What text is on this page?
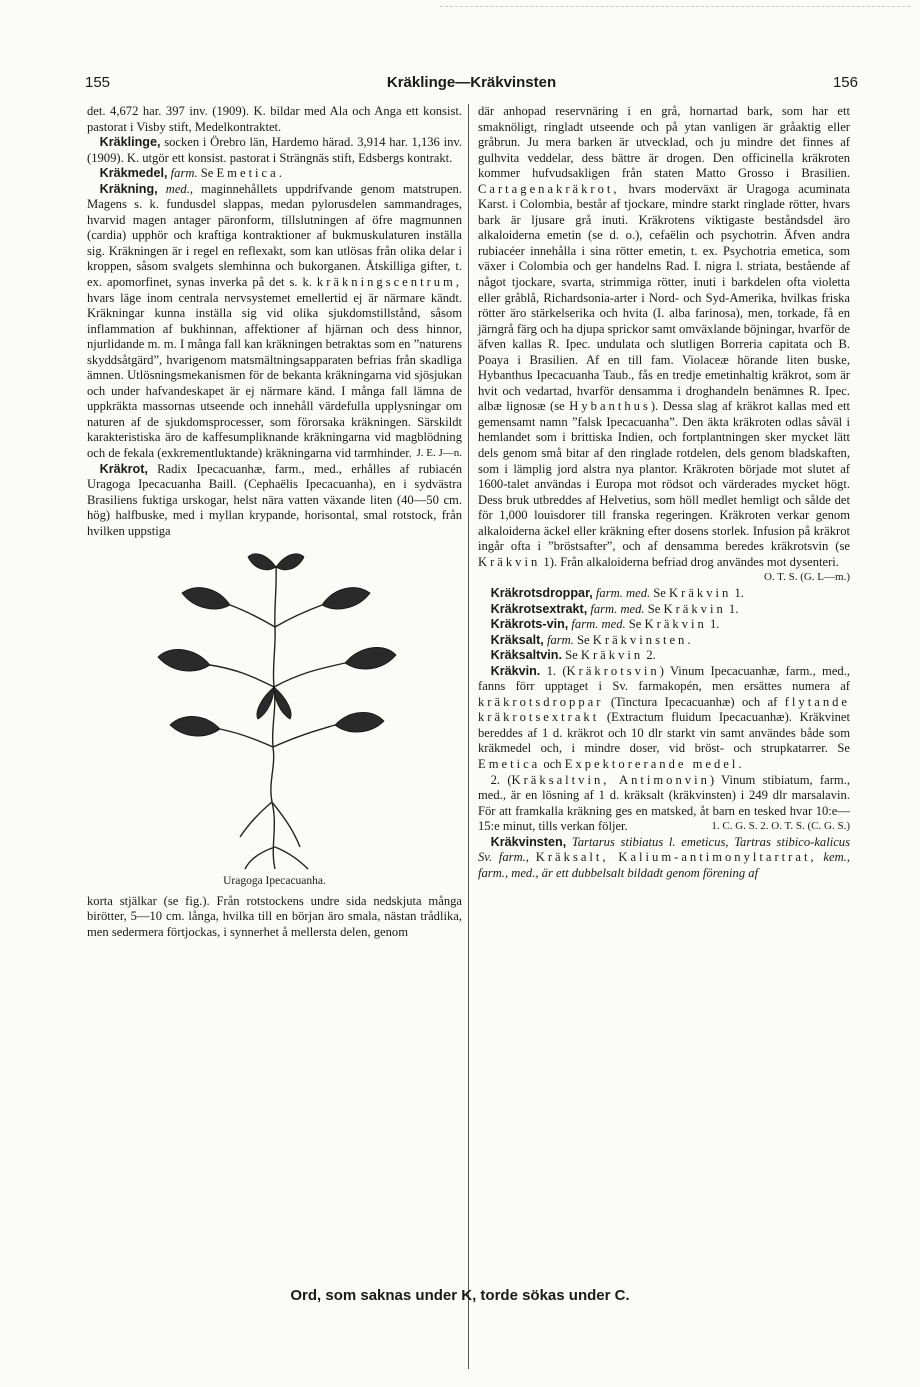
155	Kräklinge—Kräkvinsten	156

det. 4,672 har. 397 inv. (1909). K. bildar med Ala och Anga ett konsist. pastorat i Visby stift, Medelkontraktet.

 Kräklinge, socken i Örebro län, Hardemo härad. 3,914 har. 1,136 inv. (1909). K. utgör ett konsist. pastorat i Strängnäs stift, Edsbergs kontrakt.

 Kräkmedel, farm. Se Emetica.

 Kräkning, med., maginnehållets uppdrifvande genom matstrupen. Magens s. k. fundusdel slappas, medan pylorusdelen sammandrages, hvarvid magen antager päronform, tillslutningen af öfre magmunnen (cardia) upphör och kraftiga kontraktioner af bukmuskulaturen inställa sig. Kräkningen är i regel en reflexakt, som kan utlösas från olika delar i kroppen, såsom svalgets slemhinna och bukorganen. Åtskilliga gifter, t. ex. apomorfinet, synas inverka på det s. k. kräkningscentrum, hvars läge inom centrala nervsystemet emellertid ej är närmare kändt. Kräkningar kunna inställa sig vid olika sjukdomstillstånd, såsom inflammation af bukhinnan, affektioner af hjärnan och dess hinnor, njurlidande m. m. I många fall kan kräkningen betraktas som en ”naturens skyddsåtgärd”, hvarigenom matsmältningsapparaten befrias från skadliga ämnen. Utlösningsmekanismen för de bekanta kräkningarna vid sjösjukan och under hafvandeskapet är ej närmare känd. I många fall lämna de uppkräkta massornas utseende och innehåll värdefulla upplysningar om naturen af de sjukdomsprocesser, som förorsaka kräkningen. Särskildt karakteristiska äro de kaffesumpliknande kräkningarna vid magblödning och de fekala (exkrementluktande) kräkningarna vid tarmhinder. J. E. J—n.

 Kräkrot, Radix Ipecacuanhæ, farm., med., erhålles af rubiacén Uragoga Ipecacuanha Baill. (Cephaëlis Ipecacuanha), en i sydvästra Brasiliens fuktiga urskogar, helst nära vatten växande liten (40—50 cm. hög) halfbuske, med i myllan krypande, horisontal, smal rotstock, från hvilken uppstiga

Uragoga Ipecacuanha.

korta stjälkar (se fig.). Från rotstockens undre sida nedskjuta många birötter, 5—10 cm. långa, hvilka till en början äro smala, nästan trådlika, men sedermera förtjockas, i synnerhet å mellersta delen, genom

där anhopad reservnäring i en grå, hornartad bark, som har ett smaknöligt, ringladt utseende och på ytan vanligen är gråaktig eller gråbrun. Ju mera barken är utvecklad, och ju mindre det finnes af gulhvita veddelar, dess bättre är drogen. Den officinella kräkroten kommer hufvudsakligen från staten Matto Grosso i Brasilien. Cartagenakräkrot, hvars moderväxt är Uragoga acuminata Karst. i Colombia, består af tjockare, mindre starkt ringlade rötter, hvars bark är ljusare grå inuti. Kräkrotens viktigaste beståndsdel äro alkaloiderna emetin (se d. o.), cefaëlin och psychotrin. Äfven andra rubiacéer innehålla i sina rötter emetin, t. ex. Psychotria emetica, som växer i Colombia och ger handelns Rad. I. nigra l. striata, bestående af något tjockare, svarta, strimmiga rötter, inuti i barkdelen ofta violetta eller gråblå, Richardsonia-arter i Nord- och Syd-Amerika, hvilkas friska rötter äro stärkelserika och hvita (I. alba farinosa), men, torkade, få en järngrå färg och ha djupa sprickor samt omväxlande böjningar, hvarför de äfven kallas R. Ipec. undulata och slutligen Borreria capitata och B. Poaya i Brasilien. Af en till fam. Violaceæ hörande liten buske, Hybanthus Ipecacuanha Taub., fås en tredje emetinhaltig kräkrot, som är hvit och vedartad, hvarför densamma i droghandeln benämnes R. Ipec. albæ lignosæ (se Hybanthus). Dessa slag af kräkrot kallas med ett gemensamt namn ”falsk Ipecacuanha”. Den äkta kräkroten odlas såväl i hemlandet som i brittiska Indien, och fortplantningen sker mycket lätt dels genom små bitar af den ringlade rotdelen, dels genom bladskaften, som i lämplig jord alstra nya plantor. Kräkroten började mot slutet af 1600-talet användas i Europa mot rödsot och värderades mycket högt. Dess bruk utbreddes af Helvetius, som höll medlet hemligt och sålde det för 1,000 louisdorer till franska regeringen. Kräkroten verkar genom alkaloiderna äckel eller kräkning efter dosens storlek. Infusion på kräkrot ingår ofta i ”bröstsafter”, och af densamma beredes kräkrotsvin (se Kräkvin 1). Från alkaloiderna befriad drog användes mot dysenteri.
O. T. S. (G. L—m.)

 Kräkrotsdroppar, farm. med. Se Kräkvin 1.

 Kräkrotsextrakt, farm. med. Se Kräkvin 1.

 Kräkrots-vin, farm. med. Se Kräkvin 1.

 Kräksalt, farm. Se Kräkvinsten.

 Kräksaltvin. Se Kräkvin 2.

 Kräkvin. 1. (Kräkrotsvin) Vinum Ipecacuanhæ, farm., med., fanns förr upptaget i Sv. farmakopén, men ersättes numera af kräkrotsdroppar (Tinctura Ipecacuanhæ) och af flytande kräkrotsextrakt (Extractum fluidum Ipecacuanhæ). Kräkvinet bereddes af 1 d. kräkrot och 10 dlr starkt vin samt användes både som kräkmedel och, i mindre doser, vid bröst- och strupkatarrer. Se Emetica och Expektorerande medel.

 2. (Kräksaltvin, Antimonvin) Vinum stibiatum, farm., med., är en lösning af 1 d. kräksalt (kräkvinsten) i 249 dlr marsalavin. För att framkalla kräkning ges en matsked, åt barn en tesked hvar 10:e—15:e minut, tills verkan följer.	1. C. G. S. 2. O. T. S. (C. G. S.)

 Kräkvinsten, Tartarus stibiatus l. emeticus, Tartras stibico-kalicus Sv. farm., Kräksalt, Kalium-antimonyltartrat, kem., farm., med., är ett dubbelsalt bildadt genom förening af

Ord, som saknas under K, torde sökas under C.
